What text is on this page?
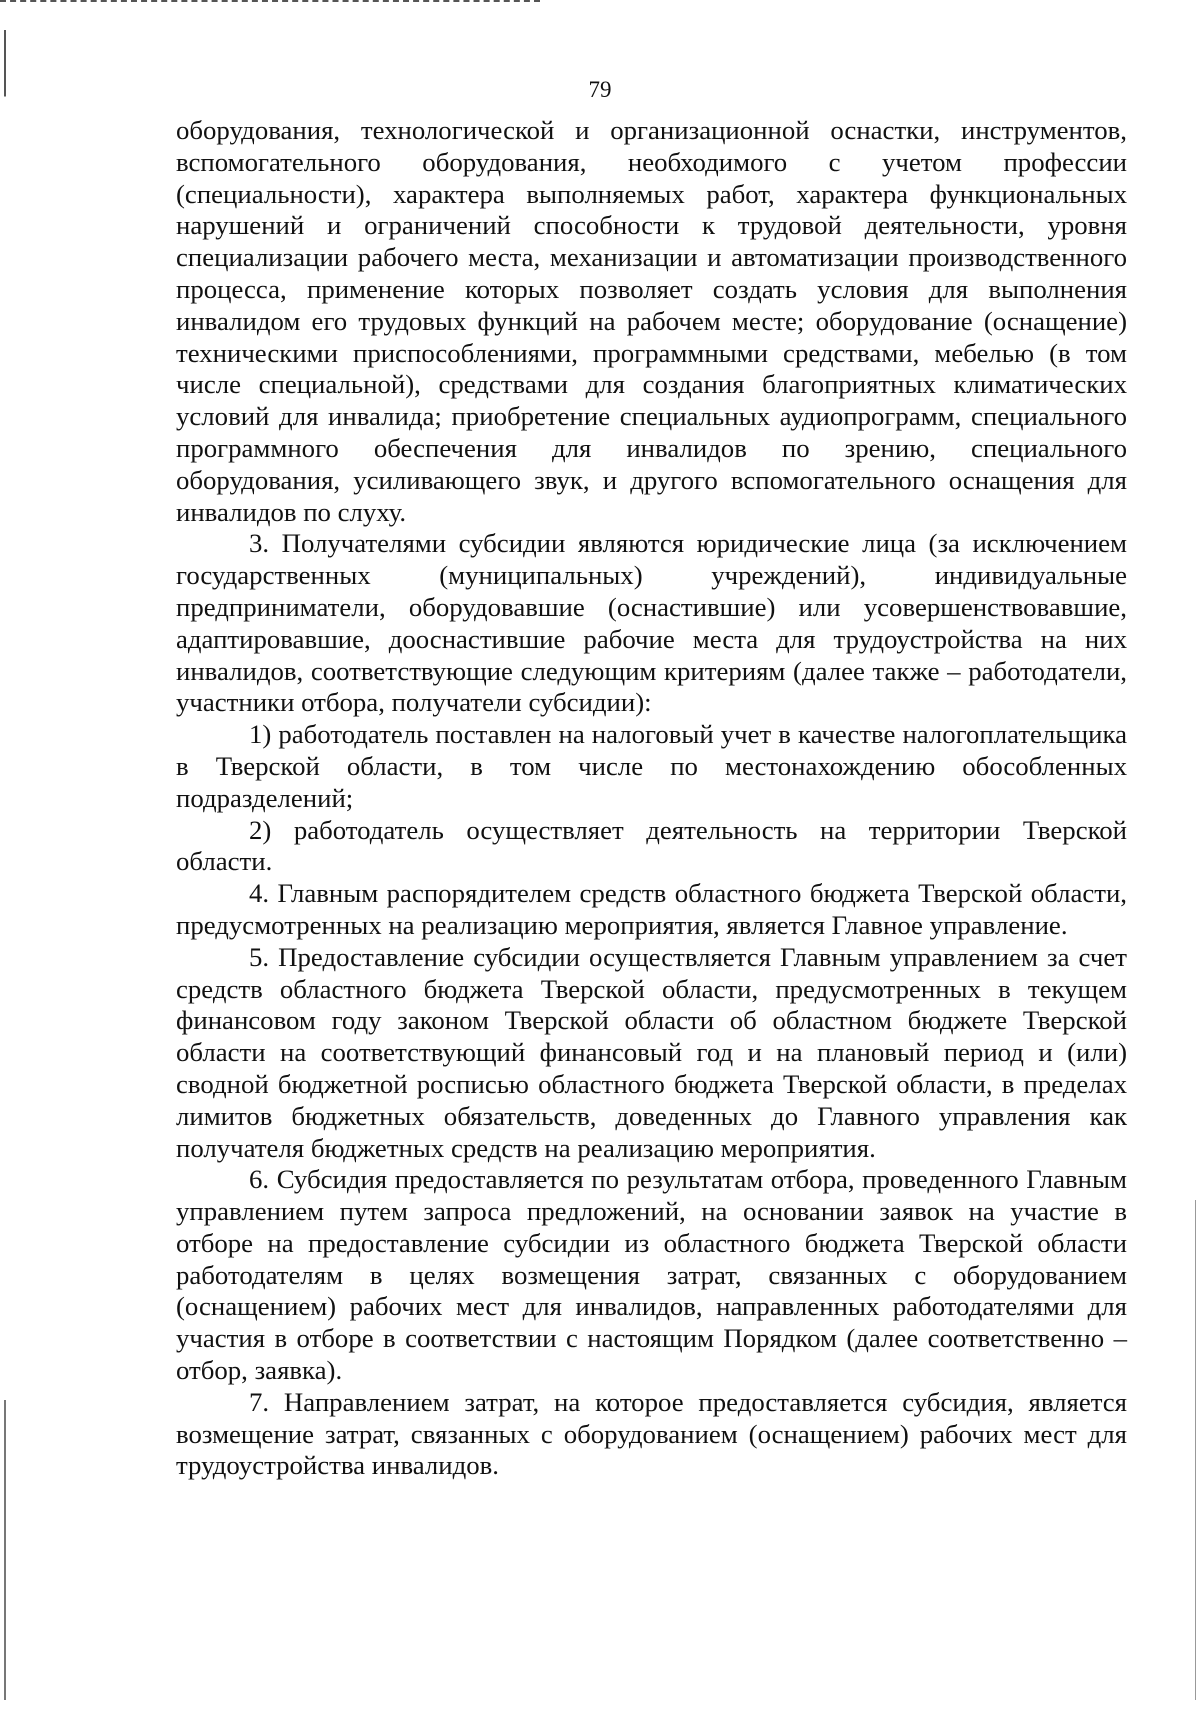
79

оборудования, технологической и организационной оснастки, инструментов, вспомогательного оборудования, необходимого с учетом профессии (специальности), характера выполняемых работ, характера функциональных нарушений и ограничений способности к трудовой деятельности, уровня специализации рабочего места, механизации и автоматизации производственного процесса, применение которых позволяет создать условия для выполнения инвалидом его трудовых функций на рабочем месте; оборудование (оснащение) техническими приспособлениями, программными средствами, мебелью (в том числе специальной), средствами для создания благоприятных климатических условий для инвалида; приобретение специальных аудиопрограмм, специального программного обеспечения для инвалидов по зрению, специального оборудования, усиливающего звук, и другого вспомогательного оснащения для инвалидов по слуху.

3. Получателями субсидии являются юридические лица (за исключением государственных (муниципальных) учреждений), индивидуальные предприниматели, оборудовавшие (оснастившие) или усовершенствовавшие, адаптировавшие, дооснастившие рабочие места для трудоустройства на них инвалидов, соответствующие следующим критериям (далее также – работодатели, участники отбора, получатели субсидии):

1) работодатель поставлен на налоговый учет в качестве налогоплательщика в Тверской области, в том числе по местонахождению обособленных подразделений;

2) работодатель осуществляет деятельность на территории Тверской области.

4. Главным распорядителем средств областного бюджета Тверской области, предусмотренных на реализацию мероприятия, является Главное управление.

5. Предоставление субсидии осуществляется Главным управлением за счет средств областного бюджета Тверской области, предусмотренных в текущем финансовом году законом Тверской области об областном бюджете Тверской области на соответствующий финансовый год и на плановый период и (или) сводной бюджетной росписью областного бюджета Тверской области, в пределах лимитов бюджетных обязательств, доведенных до Главного управления как получателя бюджетных средств на реализацию мероприятия.

6. Субсидия предоставляется по результатам отбора, проведенного Главным управлением путем запроса предложений, на основании заявок на участие в отборе на предоставление субсидии из областного бюджета Тверской области работодателям в целях возмещения затрат, связанных с оборудованием (оснащением) рабочих мест для инвалидов, направленных работодателями для участия в отборе в соответствии с настоящим Порядком (далее соответственно – отбор, заявка).

7. Направлением затрат, на которое предоставляется субсидия, является возмещение затрат, связанных с оборудованием (оснащением) рабочих мест для трудоустройства инвалидов.
